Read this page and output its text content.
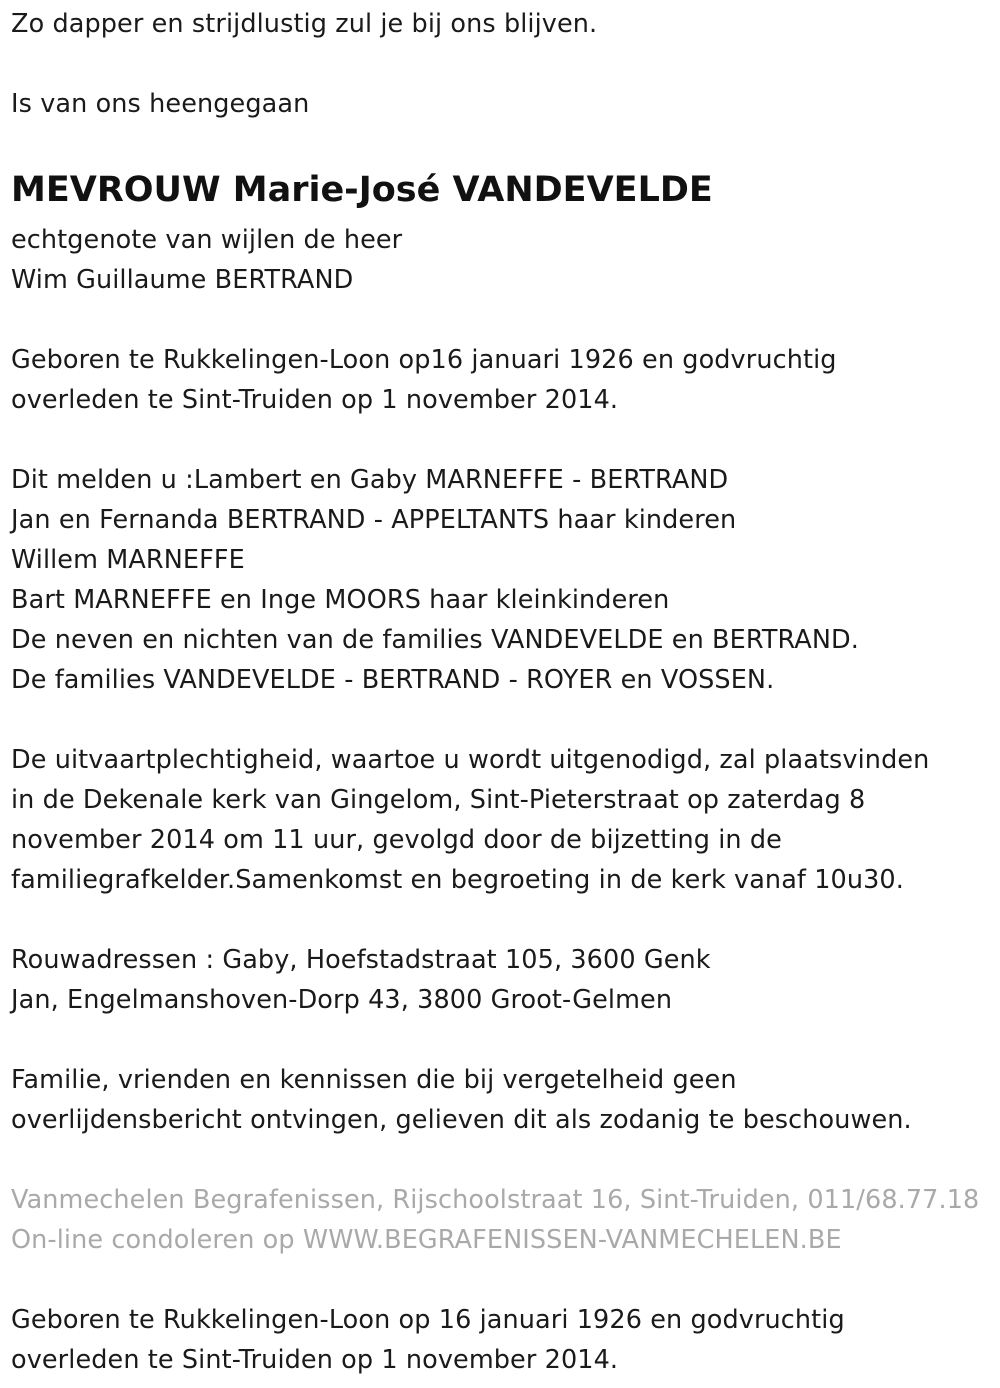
Zo dapper en strijdlustig zul je bij ons blijven.
Is van ons heengegaan
MEVROUW Marie-José VANDEVELDE
echtgenote van wijlen de heer
Wim Guillaume BERTRAND
Geboren te Rukkelingen-Loon op16 januari 1926 en godvruchtig
overleden te Sint-Truiden op 1 november 2014.
Dit melden u :Lambert en Gaby MARNEFFE - BERTRAND
Jan en Fernanda BERTRAND - APPELTANTS haar kinderen
Willem MARNEFFE
Bart MARNEFFE en Inge MOORS haar kleinkinderen
De neven en nichten van de families VANDEVELDE en BERTRAND.
De families VANDEVELDE - BERTRAND - ROYER en VOSSEN.
De uitvaartplechtigheid, waartoe u wordt uitgenodigd, zal plaatsvinden
in de Dekenale kerk van Gingelom, Sint-Pieterstraat op zaterdag 8
november 2014 om 11 uur, gevolgd door de bijzetting in de
familiegrafkelder.Samenkomst en begroeting in de kerk vanaf 10u30.
Rouwadressen : Gaby, Hoefstadstraat 105, 3600 Genk
Jan, Engelmanshoven-Dorp 43, 3800 Groot-Gelmen
Familie, vrienden en kennissen die bij vergetelheid geen
overlijdensbericht ontvingen, gelieven dit als zodanig te beschouwen.
Vanmechelen Begrafenissen, Rijschoolstraat 16, Sint-Truiden, 011/68.77.18
On-line condoleren op WWW.BEGRAFENISSEN-VANMECHELEN.BE
Geboren te Rukkelingen-Loon op 16 januari 1926 en godvruchtig
overleden te Sint-Truiden op 1 november 2014.
